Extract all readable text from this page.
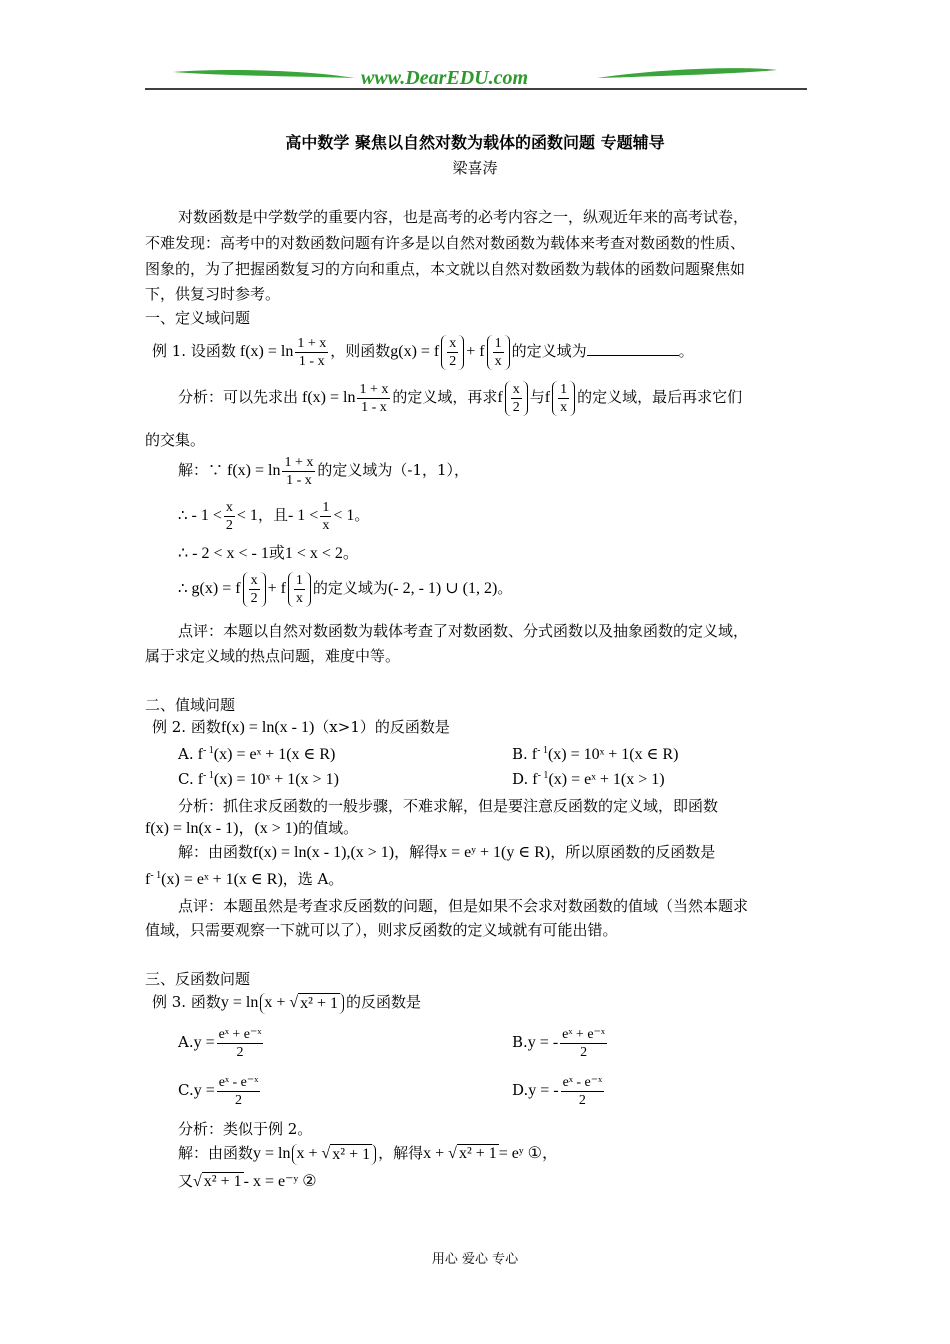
www.DearEDU.com
高中数学 聚焦以自然对数为载体的函数问题 专题辅导
梁喜涛
对数函数是中学数学的重要内容，也是高考的必考内容之一，纵观近年来的高考试卷，
不难发现：高考中的对数函数问题有许多是以自然对数函数为载体来考查对数函数的性质、
图象的，为了把握函数复习的方向和重点，本文就以自然对数函数为载体的函数问题聚焦如
下，供复习时参考。
一、定义域问题
例 1. 设函数 $f(x) = \ln \frac{1 + x}{1 - x}$ ，则函数g(x) = f $\frac{x}{2} + f \frac{1}{x}$ 的定义域为	。
分析：可以先求出 $f(x) = \ln \frac{1 + x}{1 - x}$ 的定义域，再求f $\frac{x}{2}$ 与f $\frac{1}{x}$ 的定义域，最后再求它们
的交集。
解：∵ $f(x) = \ln \frac{1 + x}{1 - x}$ 的定义域为（-1，1），
∴ - $1 < \frac{x}{2} < 1$，且- $1 < \frac{1}{x} < 1$。
∴ - 2 < x < - 1或1 < x < 2。
∴ g(x) = f $\frac{x}{2} + f \frac{1}{x}$ 的定义域为(- 2, - 1) ∪ (1, 2)。
点评：本题以自然对数函数为载体考查了对数函数、分式函数以及抽象函数的定义域，
属于求定义域的热点问题，难度中等。
二、值域问题
例 2. 函数f(x) = ln(x - 1)（x>1）的反函数是
A. $f^{- 1}(x)$ = eˣ + 1(x ∈ R)	B. $f^{- 1}(x)$ = 10ˣ + 1(x ∈ R)
C. $f^{- 1}(x)$ = 10ˣ + 1(x > 1)	D. $f^{- 1}(x)$ = eˣ + 1(x > 1)
分析：抓住求反函数的一般步骤，不难求解，但是要注意反函数的定义域，即函数
f(x) = ln(x - 1)，(x > 1)的值域。
解：由函数f(x) = ln(x - 1),(x > 1)，解得x = eʸ + 1(y ∈ R)，所以原函数的反函数是
$f^{- 1}(x)$ = eˣ + 1(x ∈ R)，选 A。
点评：本题虽然是考查求反函数的问题，但是如果不会求对数函数的值域（当然本题求
值域，只需要观察一下就可以了），则求反函数的定义域就有可能出错。
三、反函数问题
例 3. 函数y = ln x + √ x² + 1 的反函数是
$A.y = \frac{\text{eˣ + e⁻ˣ}}{2}$	B.y = - $\frac{\text{eˣ + e⁻ˣ}}{2}$
$C.y = \frac{\text{eˣ - e⁻ˣ}}{2}$	D.y = - $\frac{\text{eˣ - e⁻ˣ}}{2}$
分析：类似于例 2。
解：由函数y = ln x + √ x² + 1 ，解得x + √ x² + 1 = eʸ ①，
又√ x² + 1 - x = e⁻ʸ ②
用心 爱心 专心
